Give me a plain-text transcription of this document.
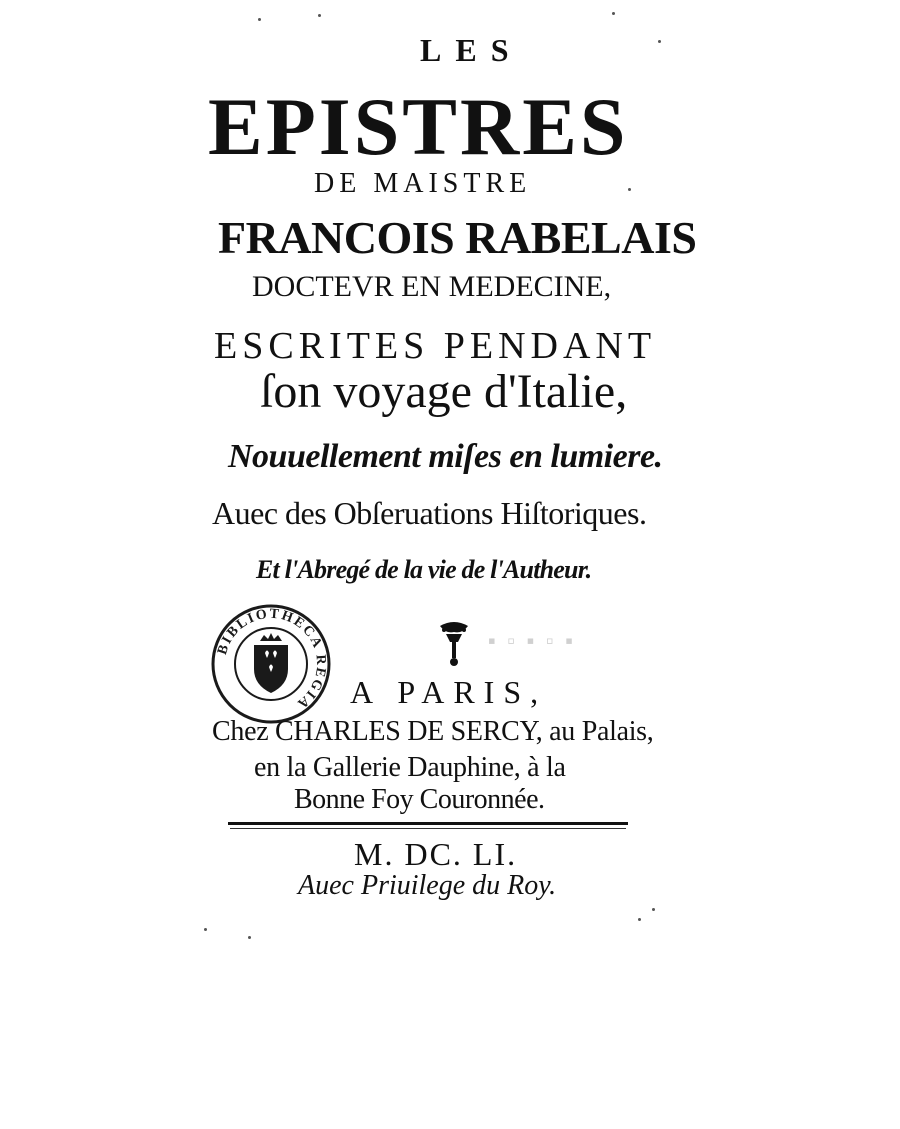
LES
EPISTRES
DE MAISTRE
FRANCOIS RABELAIS
DOCTEVR EN MEDECINE,
ESCRITES PENDANT
ſon voyage d'Italie,
Nouuellement miſes en lumiere.
Auec des Obſeruations Hiſtoriques.
Et l'Abregé de la vie de l'Autheur.
BIBLIOTHECA REGIA
▪ ▫ ▪ ▫ ▪
A PARIS,
Chez CHARLES DE SERCY, au Palais,
en la Gallerie Dauphine, à la
Bonne Foy Couronnée.
M. DC. LI.
Auec Priuilege du Roy.
